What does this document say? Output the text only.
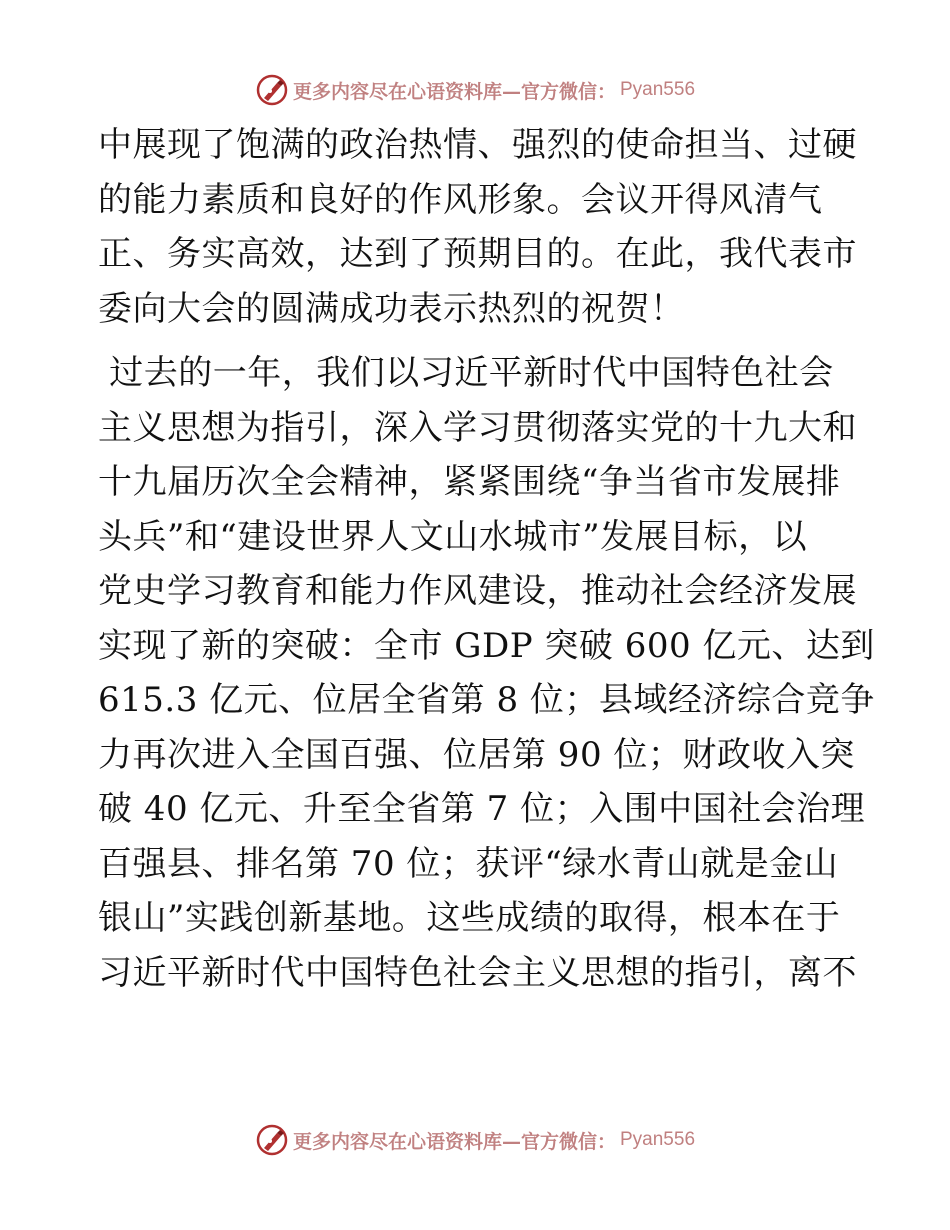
更多内容尽在心语资料库—官方微信： Pyan556
中展现了饱满的政治热情、强烈的使命担当、过硬
的能力素质和良好的作风形象。会议开得风清气
正、务实高效，达到了预期目的。在此，我代表市
委向大会的圆满成功表示热烈的祝贺！
过去的一年，我们以习近平新时代中国特色社会
主义思想为指引，深入学习贯彻落实党的十九大和
十九届历次全会精神，紧紧围绕“争当省市发展排
头兵”和“建设世界人文山水城市”发展目标，以
党史学习教育和能力作风建设，推动社会经济发展
实现了新的突破：全市 GDP 突破 600 亿元、达到
615.3 亿元、位居全省第 8 位；县域经济综合竞争
力再次进入全国百强、位居第 90 位；财政收入突
破 40 亿元、升至全省第 7 位；入围中国社会治理
百强县、排名第 70 位；获评“绿水青山就是金山
银山”实践创新基地。这些成绩的取得，根本在于
习近平新时代中国特色社会主义思想的指引，离不
更多内容尽在心语资料库—官方微信： Pyan556
